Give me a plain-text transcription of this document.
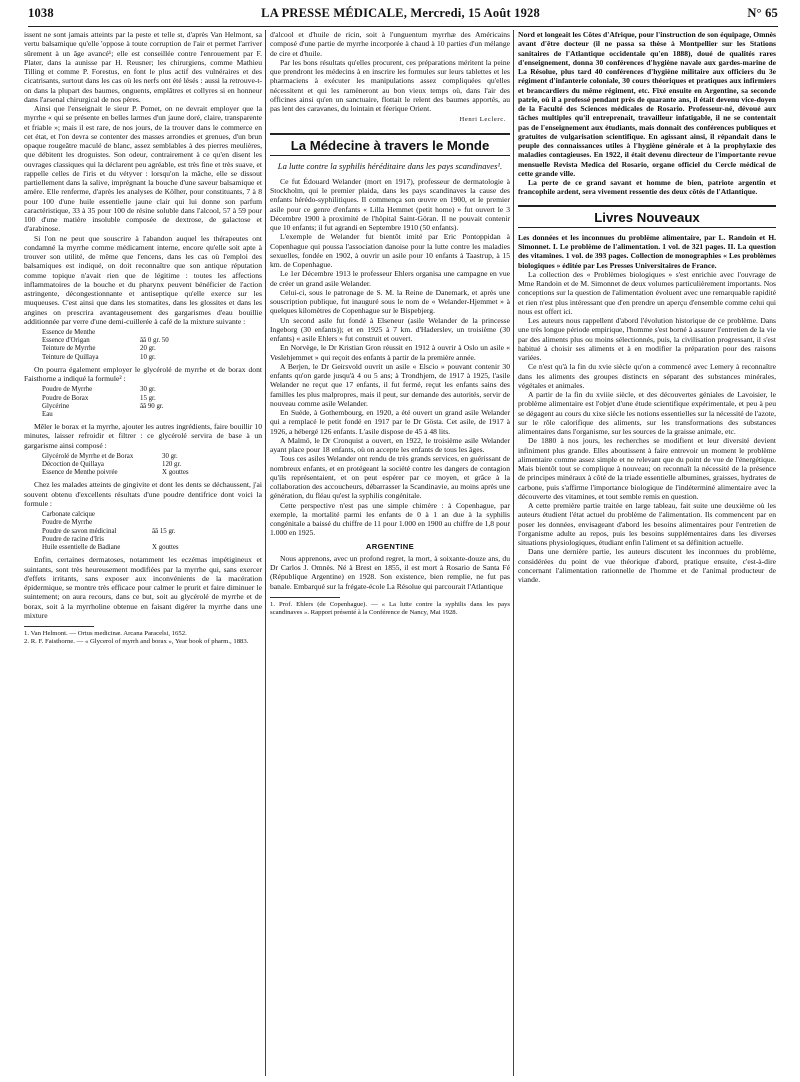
1038	LA PRESSE MÉDICALE, Mercredi, 15 Août 1928	N° 65

issent ne sont jamais atteints par la peste et telle st, d'après Van Helmont, sa vertu balsamique qu'elle 'oppose à toute corruption de l'air et permet l'arriver sûrement à un âge avancé¹; elle est conseillée contre l'enrouement par F. Plater, dans la aunisse par H. Reusner; les chirurgiens, comme Mathieu Tilling et comme P. Forestus, en font le plus actif des vulnéraires et des cicatrisants, surtout dans les cas où les nerfs ont été lésés : aussi la retrouve-t-on dans la plupart des baumes, onguents, emplâtres et collyres si en honneur dans l'arsenal chirurgical de nos pères.

Ainsi que l'enseignait le sieur P. Pomet, on ne devrait employer que la myrrhe « qui se présente en belles larmes d'un jaune doré, claire, transparente et friable »; mais il est rare, de nos jours, de la trouver dans le commerce en cet état, et l'on devra se contenter des masses arrondies et grenues, d'un brun opaque rougeâtre maculé de blanc, assez semblables à des pierres meulières, que débitent les droguistes. Son odeur, contrairement à ce qu'en disent les ouvrages classiques qui la déclarent peu agréable, est très fine et très suave, et rappelle celles de l'iris et du vétyver : lorsqu'on la mâche, elle se dissout partiellement dans la salive, imprégnant la bouche d'une saveur balsamique et amère. Elle renferme, d'après les analyses de Kölher, pour constituants, 7 à 8 pour 100 d'une huile essentielle jaune clair qui lui donne son parfum caractéristique, 33 à 35 pour 100 de résine soluble dans l'alcool, 57 à 59 pour 100 d'une matière insoluble composée de dextrose, de galactose et d'arabinose.

Si l'on ne peut que souscrire à l'abandon auquel les thérapeutes ont condamné la myrrhe comme médicament interne, encore qu'elle soit apte à trouver son utilité, de même que l'encens, dans les cas où l'emploi des balsamiques est indiqué, on doit reconnaître que son antique réputation comme topique n'avait rien que de légitime : toutes les affections inflammatoires de la bouche et du pharynx peuvent bénéficier de l'action astringente, décongestionnante et antiseptique qu'elle exerce sur les muqueuses. C'est ainsi que dans les stomatites, dans les glossites et dans les angines on prescrira avantageusement des gargarismes d'eau bouillie additionnée par verre d'une demi-cuillerée à café de la mixture suivante :

Essence de Menthe
Essence d'Origan	ââ 0 gr. 50
Teinture de Myrrhe	20 gr.
Teinture de Quillaya	10 gr.

On pourra également employer le glycérolé de myrrhe et de borax dont Faisthorne a indiqué la formule² :

Poudre de Myrrhe	30 gr.
Poudre de Borax	15 gr.
Glycérine	ââ 90 gr.
Eau

Mêler le borax et la myrrhe, ajouter les autres ingrédients, faire bouillir 10 minutes, laisser refroidir et filtrer : ce glycérolé servira de base à un gargarisme ainsi composé :

Glycérolé de Myrrhe et de Borax	30 gr.
Décoction de Quillaya	120 gr.
Essence de Menthe poivrée	X gouttes

Chez les malades atteints de gingivite et dont les dents se déchaussent, j'ai souvent obtenu d'excellents résultats d'une poudre dentifrice dont voici la formule :

Carbonate calcique
Poudre de Myrrhe
Poudre de savon médicinal	ââ 15 gr.
Poudre de racine d'Iris
Huile essentielle de Badiane	X gouttes

Enfin, certaines dermatoses, notamment les eczémas impétigineux et suintants, sont très heureusement modifiées par la myrrhe qui, sans exercer d'effets irritants, sans exposer aux inconvénients de la macération épidermique, se montre très efficace pour calmer le prurit et faire diminuer le suintement; on aura recours, dans ce but, soit au glycérolé de myrrhe et de borax, soit à la myrrholine obtenue en faisant digérer la myrrhe dans une mixture

1. Van Helmont. — Ortus medicinæ. Arcana Paracelsi, 1652.

2. R. F. Faisthorne. — « Glycerol of myrrh and borax », Year book of pharm., 1883.

d'alcool et d'huile de ricin, soit à l'unguentum myrrhæ des Américains composé d'une partie de myrrhe incorporée à chaud à 10 parties d'un mélange de cire et d'huile.

Par les bons résultats qu'elles procurent, ces préparations méritent la peine que prendront les médecins à en inscrire les formules sur leurs tablettes et les pharmaciens à exécuter les manipulations assez compliquées qu'elles nécessitent et qui les ramèneront au bon vieux temps où, dans l'air des officines ainsi qu'en un sanctuaire, flottait le relent des baumes apportés, au pas lent des caravanes, du lointain et féerique Orient.

Henri Leclerc.
La Médecine à travers le Monde
La lutte contre la syphilis héréditaire dans les pays scandinaves¹.

Ce fut Édouard Welander (mort en 1917), professeur de dermatologie à Stockholm, qui le premier plaida, dans les pays scandinaves la cause des enfants hérédo-syphilitiques. Il commença son œuvre en 1900, et le premier asile pour ce genre d'enfants « Lilla Hemmet (petit home) » fut ouvert le 3 Décembre 1900 à proximité de l'hôpital Saint-Göran. Il ne pouvait contenir que 10 enfants; il fut agrandi en Septembre 1910 (50 enfants).

L'exemple de Welander fut bientôt imité par Eric Pontoppidan à Copenhague qui poussa l'association danoise pour la lutte contre les maladies sexuelles, fondée en 1902, à ouvrir un asile pour 10 enfants à Taastrup, à 15 km. de Copenhague.

Le 1er Décembre 1913 le professeur Ehlers organisa une campagne en vue de créer un grand asile Welander.

Celui-ci, sous le patronage de S. M. la Reine de Danemark, et après une souscription publique, fut inauguré sous le nom de « Welander-Hjemmet » à quelques kilomètres de Copenhague sur le Bispebjerg.

Un second asile fut fondé à Elseneur (asile Welander de la princesse Ingeborg (30 enfants)); et en 1925 à 7 km. d'Haderslev, un troisième (30 enfants) « asile Ehlers » fut construit et ouvert.

En Norvège, le Dr Kristian Gron réussit en 1912 à ouvrir à Oslo un asile « Veslehjemmet » qui reçoit des enfants à partir de la première année.

A Berjen, le Dr Geirsvold ouvrit un asile « Elscio » pouvant contenir 30 enfants qu'on garde jusqu'à 4 ou 5 ans; à Trondhjem, de 1917 à 1925, l'asile Welander ne reçut que 17 enfants, il fut fermé, reçut les enfants sains des familles les plus malpropres, mais il peut, sur demande des autorités, servir de nouveau comme asile Welander.

En Suède, à Gothembourg, en 1920, a été ouvert un grand asile Welander qui a remplacé le petit fondé en 1917 par le Dr Gösta. Cet asile, de 1917 à 1926, a hébergé 126 enfants. L'asile dispose de 45 à 48 lits.

A Malmö, le Dr Cronquist a ouvert, en 1922, le troisième asile Welander ayant place pour 18 enfants, où on accepte les enfants de tous les âges.

Tous ces asiles Welander ont rendu de très grands services, en guérissant de nombreux enfants, et en protégeant la société contre les dangers de contagion qu'ils représentaient, et on peut espérer par ce moyen, et grâce à la collaboration des accoucheurs, débarrasser la Scandinavie, au moins après une génération, du fléau qu'est la syphilis congénitale.

Cette perspective n'est pas une simple chimère : à Copenhague, par exemple, la mortalité parmi les enfants de 0 à 1 an due à la syphilis congénitale a baissé du chiffre de 11 pour 1.000 en 1900 au chiffre de 1,8 pour 1.000 en 1925.

ARGENTINE

Nous apprenons, avec un profond regret, la mort, à soixante-douze ans, du Dr Carlos J. Omnès. Né à Brest en 1855, il est mort à Rosario de Santa Fé (République Argentine) en 1928. Son existence, bien remplie, ne fut pas banale. Embarqué sur la frégate-école La Résolue qui parcourait l'Atlantique

1. Prof. Ehlers (de Copenhague). — « La lutte contre la syphilis dans les pays scandinaves ». Rapport présenté à la Conférence de Nancy, Mai 1928.

Nord et longeait les Côtes d'Afrique, pour l'instruction de son équipage, Omnès avant d'être docteur (il ne passa sa thèse à Montpellier sur les Stations sanitaires de l'Atlantique occidentale qu'en 1888), doué de qualités rares d'enseignement, donna 30 conférences d'hygiène navale aux gardes-marine de La Résolue, plus tard 40 conférences d'hygiène militaire aux officiers du 3e régiment d'infanterie coloniale, 30 cours théoriques et pratiques aux infirmiers et brancardiers du même régiment, etc. Fixé ensuite en Argentine, sa seconde patrie, où il a professé pendant près de quarante ans, il était devenu vice-doyen de la Faculté des Sciences médicales de Rosario. Professeur-né, dévoué aux tâches multiples qu'il entreprenait, travailleur infatigable, il ne se contentait pas de l'enseignement aux étudiants, mais donnait des conférences publiques et gratuites de vulgarisation scientifique. En agissant ainsi, il répandait dans le peuple des connaissances utiles à l'hygiène générale et à la prophylaxie des maladies contagieuses. En 1922, il était devenu directeur de l'importante revue mensuelle Revista Medica del Rosario, organe officiel du Cercle médical de cette grande ville.

La perte de ce grand savant et homme de bien, patriote argentin et francophile ardent, sera vivement ressentie des deux côtés de l'Atlantique.

Livres Nouveaux

Les données et les inconnues du problème alimentaire, par L. Randoin et H. Simonnet. I. Le problème de l'alimentation. 1 vol. de 321 pages. II. La question des vitamines. 1 vol. de 393 pages. Collection de monographies « Les problèmes biologiques » éditée par Les Presses Universitaires de France.

La collection des « Problèmes biologiques » s'est enrichie avec l'ouvrage de Mme Randoin et de M. Simonnet de deux volumes particulièrement importants. Nos conceptions sur la question de l'alimentation évoluent avec une remarquable rapidité et rien n'est plus intéressant que d'en prendre un aperçu d'ensemble comme celui qui nous est offert ici.

Les auteurs nous rappellent d'abord l'évolution historique de ce problème. Dans une très longue période empirique, l'homme s'est borné à assurer l'entretien de la vie par des aliments plus ou moins sélectionnés, puis, la civilisation progressant, il s'est habitué à choisir ses aliments et à en modifier la préparation pour des raisons variées.

Ce n'est qu'à la fin du xvie siècle qu'on a commencé avec Lemery à reconnaître dans les aliments des groupes distincts en séparant des substances minérales, végétales et animales.

A partir de la fin du xviiie siècle, et des découvertes géniales de Lavoisier, le problème alimentaire est l'objet d'une étude scientifique expérimentale, et peu à peu se dégagent au cours du xixe siècle les notions essentielles sur la nécessité de l'azote, sur le rôle calorifique des aliments, sur les transformations des substances alimentaires dans l'organisme, sur les sources de la graisse animale, etc.

De 1880 à nos jours, les recherches se modifient et leur diversité devient infiniment plus grande. Elles aboutissent à faire entrevoir un moment le problème alimentaire comme assez simple et ne relevant que du point de vue de l'énergétique. Mais bientôt tout se complique à nouveau; on reconnaît la nécessité de la présence de principes minéraux à côté de la triade essentielle albumines, graisses, hydrates de carbone, puis s'affirme l'importance biologique de l'indéterminé alimentaire avec la découverte des vitamines, et tout semble remis en question.

A cette première partie traitée en large tableau, fait suite une deuxième où les auteurs étudient l'état actuel du problème de l'alimentation. Ils commencent par en poser les données, envisageant d'abord les besoins alimentaires pour l'entretien de l'organisme adulte au repos, puis les besoins supplémentaires dans les diverses situations physiologiques, étudiant enfin l'aliment et sa définition actuelle.

Dans une dernière partie, les auteurs discutent les inconnues du problème, considérées du point de vue théorique d'abord, pratique ensuite, c'est-à-dire concernant l'alimentation rationnelle de l'homme et de l'animal producteur de viande.
